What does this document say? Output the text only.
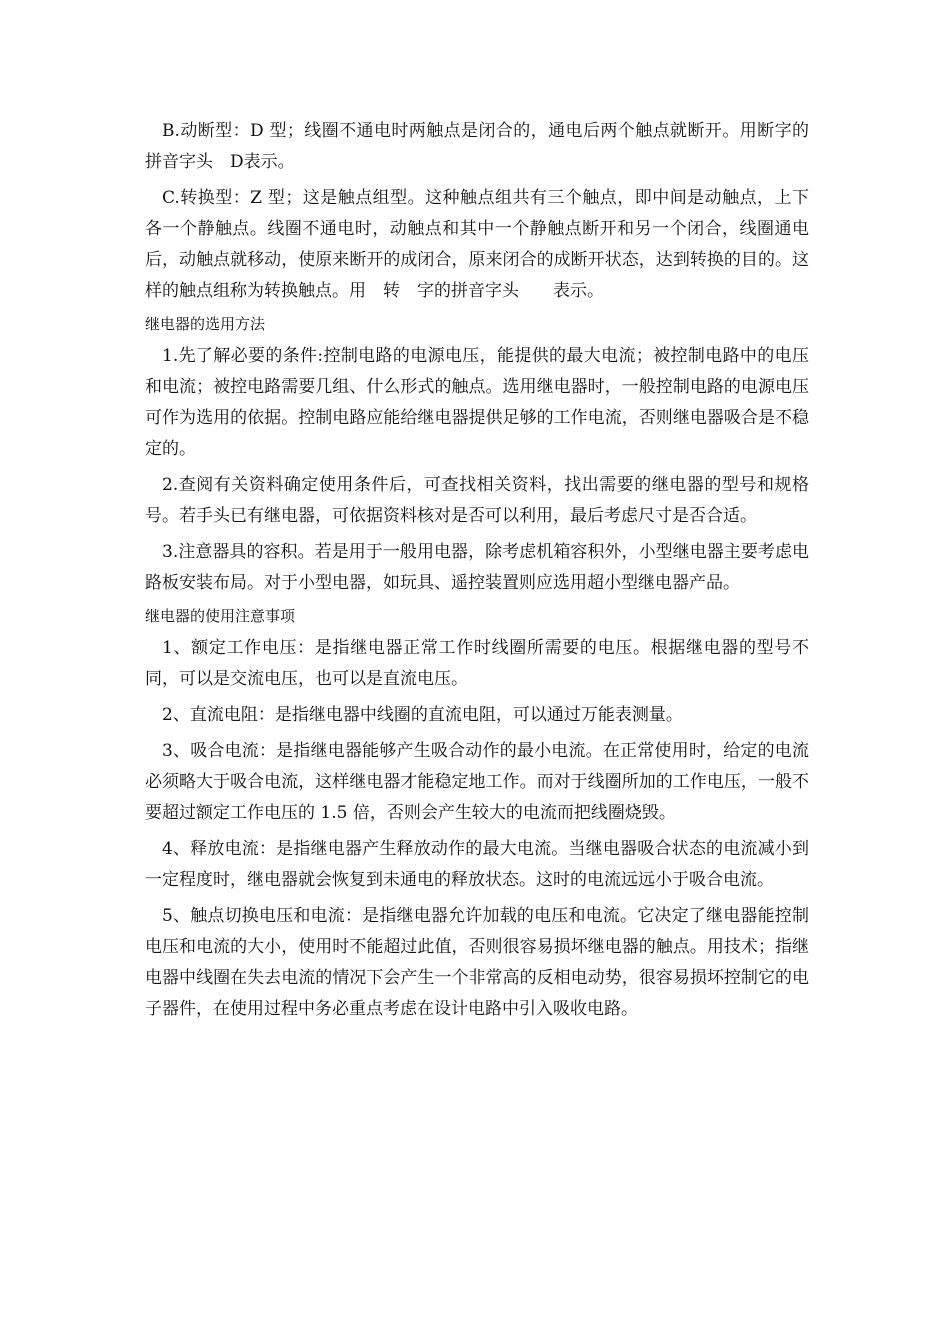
B.动断型：D 型；线圈不通电时两触点是闭合的，通电后两个触点就断开。用断字的拼音字头　D表示。

C.转换型：Z 型；这是触点组型。这种触点组共有三个触点，即中间是动触点，上下各一个静触点。线圈不通电时，动触点和其中一个静触点断开和另一个闭合，线圈通电后，动触点就移动，使原来断开的成闭合，原来闭合的成断开状态，达到转换的目的。这样的触点组称为转换触点。用　转　字的拼音字头　　表示。

继电器的选用方法

1.先了解必要的条件:控制电路的电源电压，能提供的最大电流；被控制电路中的电压和电流；被控电路需要几组、什么形式的触点。选用继电器时，一般控制电路的电源电压可作为选用的依据。控制电路应能给继电器提供足够的工作电流，否则继电器吸合是不稳定的。

2.查阅有关资料确定使用条件后，可查找相关资料，找出需要的继电器的型号和规格号。若手头已有继电器，可依据资料核对是否可以利用，最后考虑尺寸是否合适。

3.注意器具的容积。若是用于一般用电器，除考虑机箱容积外，小型继电器主要考虑电路板安装布局。对于小型电器，如玩具、遥控装置则应选用超小型继电器产品。

继电器的使用注意事项

1、额定工作电压：是指继电器正常工作时线圈所需要的电压。根据继电器的型号不同，可以是交流电压，也可以是直流电压。

2、直流电阻：是指继电器中线圈的直流电阻，可以通过万能表测量。

3、吸合电流：是指继电器能够产生吸合动作的最小电流。在正常使用时，给定的电流必须略大于吸合电流，这样继电器才能稳定地工作。而对于线圈所加的工作电压，一般不要超过额定工作电压的 1.5 倍，否则会产生较大的电流而把线圈烧毁。

4、释放电流：是指继电器产生释放动作的最大电流。当继电器吸合状态的电流减小到一定程度时，继电器就会恢复到未通电的释放状态。这时的电流远远小于吸合电流。

5、触点切换电压和电流：是指继电器允许加载的电压和电流。它决定了继电器能控制电压和电流的大小，使用时不能超过此值，否则很容易损坏继电器的触点。用技术；指继电器中线圈在失去电流的情况下会产生一个非常高的反相电动势，很容易损坏控制它的电子器件，在使用过程中务必重点考虑在设计电路中引入吸收电路。
